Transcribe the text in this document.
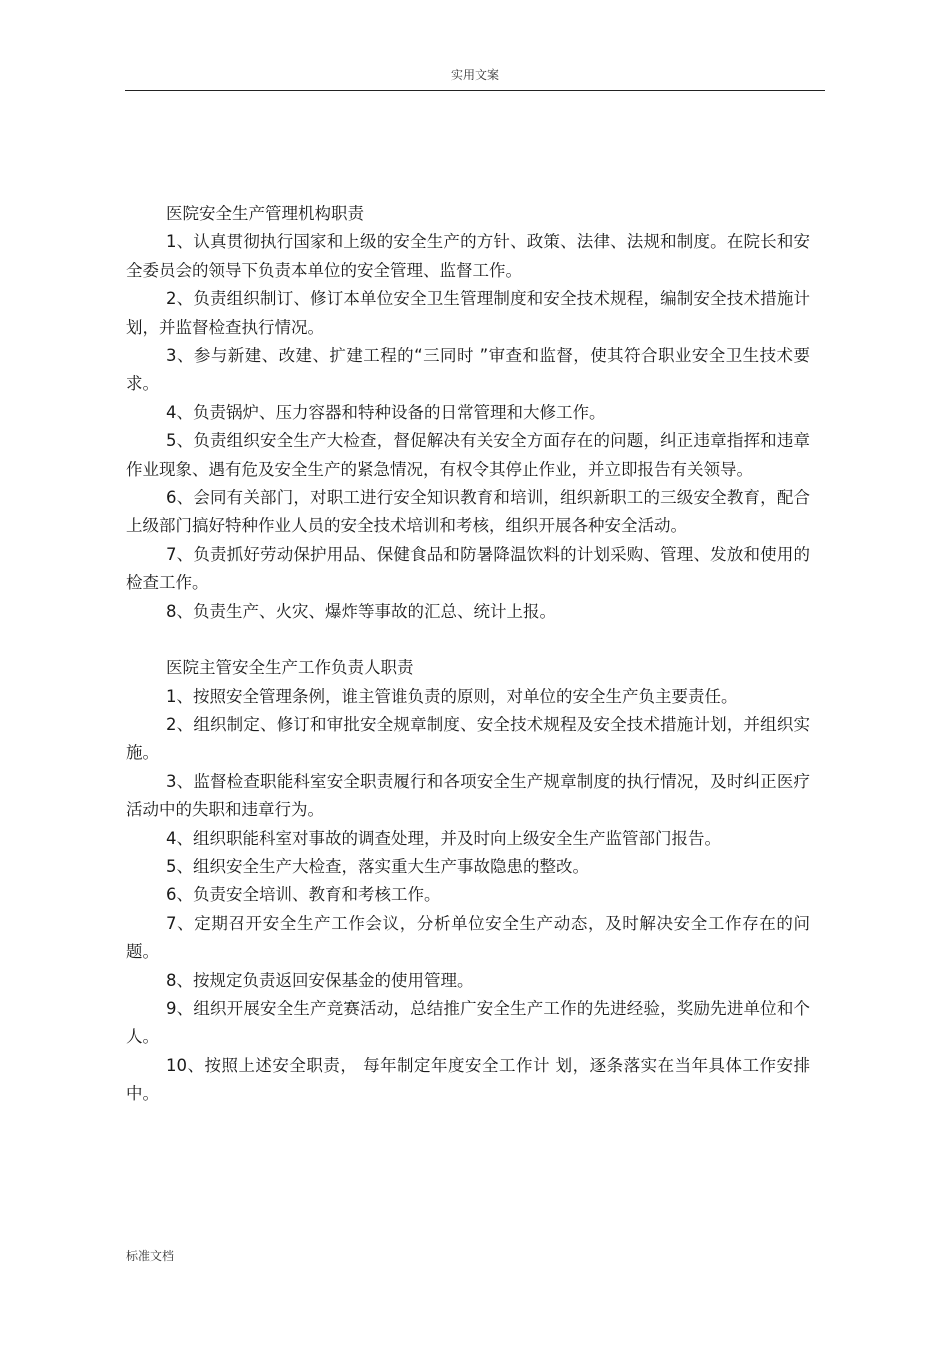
实用文案
医院安全生产管理机构职责

1、认真贯彻执行国家和上级的安全生产的方针、政策、法律、法规和制度。在院长和安全委员会的领导下负责本单位的安全管理、监督工作。

2、负责组织制订、修订本单位安全卫生管理制度和安全技术规程，编制安全技术措施计划，并监督检查执行情况。

3、参与新建、改建、扩建工程的“三同时 ”审查和监督，使其符合职业安全卫生技术要求。

4、负责锅炉、压力容器和特种设备的日常管理和大修工作。

5、负责组织安全生产大检查，督促解决有关安全方面存在的问题，纠正违章指挥和违章作业现象、遇有危及安全生产的紧急情况，有权令其停止作业，并立即报告有关领导。

6、会同有关部门，对职工进行安全知识教育和培训，组织新职工的三级安全教育，配合上级部门搞好特种作业人员的安全技术培训和考核，组织开展各种安全活动。

7、负责抓好劳动保护用品、保健食品和防暑降温饮料的计划采购、管理、发放和使用的检查工作。

8、负责生产、火灾、爆炸等事故的汇总、统计上报。

医院主管安全生产工作负责人职责

1、按照安全管理条例，谁主管谁负责的原则，对单位的安全生产负主要责任。

2、组织制定、修订和审批安全规章制度、安全技术规程及安全技术措施计划，并组织实施。

3、监督检查职能科室安全职责履行和各项安全生产规章制度的执行情况，及时纠正医疗活动中的失职和违章行为。

4、组织职能科室对事故的调查处理，并及时向上级安全生产监管部门报告。

5、组织安全生产大检查，落实重大生产事故隐患的整改。

6、负责安全培训、教育和考核工作。

7、定期召开安全生产工作会议，分析单位安全生产动态，及时解决安全工作存在的问题。

8、按规定负责返回安保基金的使用管理。

9、组织开展安全生产竞赛活动，总结推广安全生产工作的先进经验，奖励先进单位和个人。

10、按照上述安全职责， 每年制定年度安全工作计 划，逐条落实在当年具体工作安排中。

标准文档
